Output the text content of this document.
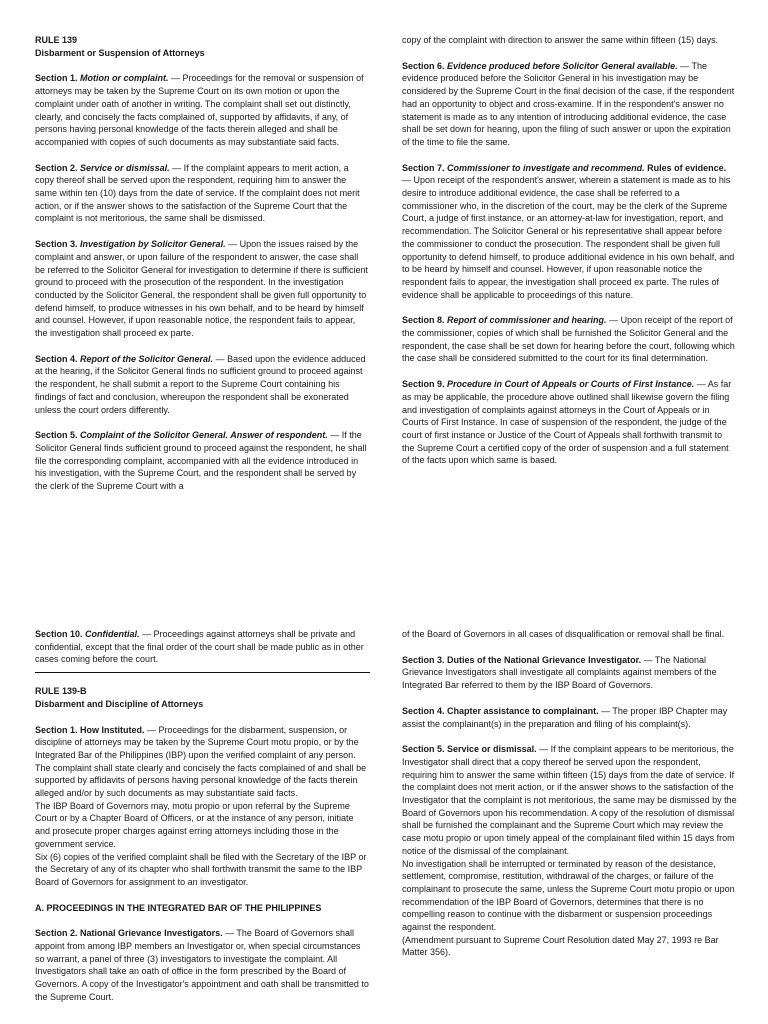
RULE 139
Disbarment or Suspension of Attorneys

Section 1. Motion or complaint. — Proceedings for the removal or suspension of attorneys may be taken by the Supreme Court on its own motion or upon the complaint under oath of another in writing. The complaint shall set out distinctly, clearly, and concisely the facts complained of, supported by affidavits, if any, of persons having personal knowledge of the facts therein alleged and shall be accompanied with copies of such documents as may substantiate said facts.

Section 2. Service or dismissal. — If the complaint appears to merit action, a copy thereof shall be served upon the respondent, requiring him to answer the same within ten (10) days from the date of service. If the complaint does not merit action, or if the answer shows to the satisfaction of the Supreme Court that the complaint is not meritorious, the same shall be dismissed.

Section 3. Investigation by Solicitor General. — Upon the issues raised by the complaint and answer, or upon failure of the respondent to answer, the case shall be referred to the Solicitor General for investigation to determine if there is sufficient ground to proceed with the prosecution of the respondent. In the investigation conducted by the Solicitor General, the respondent shall be given full opportunity to defend himself, to produce witnesses in his own behalf, and to be heard by himself and counsel. However, if upon reasonable notice, the respondent fails to appear, the investigation shall proceed ex parte.

Section 4. Report of the Solicitor General. — Based upon the evidence adduced at the hearing, if the Solicitor General finds no sufficient ground to proceed against the respondent, he shall submit a report to the Supreme Court containing his findings of fact and conclusion, whereupon the respondent shall be exonerated unless the court orders differently.

Section 5. Complaint of the Solicitor General. Answer of respondent. — If the Solicitor General finds sufficient ground to proceed against the respondent, he shall file the corresponding complaint, accompanied with all the evidence introduced in his investigation, with the Supreme Court, and the respondent shall be served by the clerk of the Supreme Court with a

copy of the complaint with direction to answer the same within fifteen (15) days.

Section 6. Evidence produced before Solicitor General available. — The evidence produced before the Solicitor General in his investigation may be considered by the Supreme Court in the final decision of the case, if the respondent had an opportunity to object and cross-examine. If in the respondent's answer no statement is made as to any intention of introducing additional evidence, the case shall be set down for hearing, upon the filing of such answer or upon the expiration of the time to file the same.

Section 7. Commissioner to investigate and recommend. Rules of evidence. — Upon receipt of the respondent's answer, wherein a statement is made as to his desire to introduce additional evidence, the case shall be referred to a commissioner who, in the discretion of the court, may be the clerk of the Supreme Court, a judge of first instance, or an attorney-at-law for investigation, report, and recommendation. The Solicitor General or his representative shall appear before the commissioner to conduct the prosecution. The respondent shall be given full opportunity to defend himself, to produce additional evidence in his own behalf, and to be heard by himself and counsel. However, if upon reasonable notice the respondent fails to appear, the investigation shall proceed ex parte. The rules of evidence shall be applicable to proceedings of this nature.

Section 8. Report of commissioner and hearing. — Upon receipt of the report of the commissioner, copies of which shall be furnished the Solicitor General and the respondent, the case shall be set down for hearing before the court, following which the case shall be considered submitted to the court for its final determination.

Section 9. Procedure in Court of Appeals or Courts of First Instance. — As far as may be applicable, the procedure above outlined shall likewise govern the filing and investigation of complaints against attorneys in the Court of Appeals or in Courts of First Instance. In case of suspension of the respondent, the judge of the court of first instance or Justice of the Court of Appeals shall forthwith transmit to the Supreme Court a certified copy of the order of suspension and a full statement of the facts upon which same is based.

Section 10. Confidential. — Proceedings against attorneys shall be private and confidential, except that the final order of the court shall be made public as in other cases coming before the court.

RULE 139-B
Disbarment and Discipline of Attorneys

Section 1. How Instituted. — Proceedings for the disbarment, suspension, or discipline of attorneys may be taken by the Supreme Court motu propio, or by the Integrated Bar of the Philippines (IBP) upon the verified complaint of any person. The complaint shall state clearly and concisely the facts complained of and shall be supported by affidavits of persons having personal knowledge of the facts therein alleged and/or by such documents as may substantiate said facts.

The IBP Board of Governors may, motu propio or upon referral by the Supreme Court or by a Chapter Board of Officers, or at the instance of any person, initiate and prosecute proper charges against erring attorneys including those in the government service.

Six (6) copies of the verified complaint shall be filed with the Secretary of the IBP or the Secretary of any of its chapter who shall forthwith transmit the same to the IBP Board of Governors for assignment to an investigator.

A. PROCEEDINGS IN THE INTEGRATED BAR OF THE PHILIPPINES

Section 2. National Grievance Investigators. — The Board of Governors shall appoint from among IBP members an Investigator or, when special circumstances so warrant, a panel of three (3) investigators to investigate the complaint. All Investigators shall take an oath of office in the form prescribed by the Board of Governors. A copy of the Investigator's appointment and oath shall be transmitted to the Supreme Court.

of the Board of Governors in all cases of disqualification or removal shall be final.

Section 3. Duties of the National Grievance Investigator. — The National Grievance Investigators shall investigate all complaints against members of the Integrated Bar referred to them by the IBP Board of Governors.

Section 4. Chapter assistance to complainant. — The proper IBP Chapter may assist the complainant(s) in the preparation and filing of his complaint(s).

Section 5. Service or dismissal. — If the complaint appears to be meritorious, the Investigator shall direct that a copy thereof be served upon the respondent, requiring him to answer the same within fifteen (15) days from the date of service. If the complaint does not merit action, or if the answer shows to the satisfaction of the Investigator that the complaint is not meritorious, the same may be dismissed by the Board of Governors upon his recommendation. A copy of the resolution of dismissal shall be furnished the complainant and the Supreme Court which may review the case motu propio or upon timely appeal of the complainant filed within 15 days from notice of the dismissal of the complainant.

No investigation shall be interrupted or terminated by reason of the desistance, settlement, compromise, restitution, withdrawal of the charges, or failure of the complainant to prosecute the same, unless the Supreme Court motu propio or upon recommendation of the IBP Board of Governors, determines that there is no compelling reason to continue with the disbarment or suspension proceedings against the respondent.

(Amendment pursuant to Supreme Court Resolution dated May 27, 1993 re Bar Matter 356).
